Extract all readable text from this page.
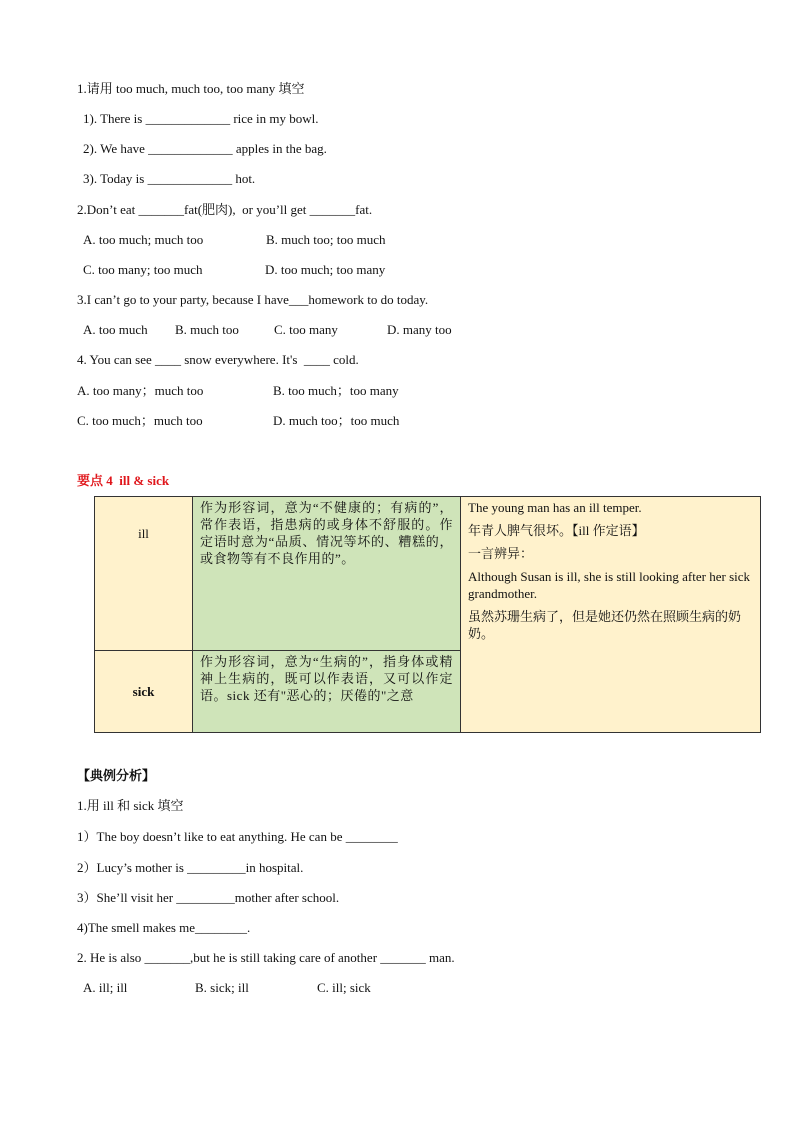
1.请用 too much, much too, too many 填空
1). There is _____________ rice in my bowl.
2). We have _____________ apples in the bag.
3). Today is _____________ hot.
2.Don’t eat _______fat(肥肉),  or you’ll get _______fat.
A. too much; much too	B. much too; too much
C. too many; too much	D. too much; too many
3.I can’t go to your party, because I have___homework to do today.
A. too much B. much too	C. too many	D. many too
4. You can see ____ snow everywhere. It's  ____ cold.
A. too many；much too	B. too much；too many
C. too much；much too	D. much too；too much
要点 4  ill & sick
ill	作为形容词，意为“不健康的；有病的”，常作表语，指患病的或身体不舒服的。作定语时意为“品质、情况等坏的、糟糕的，或食物等有不良作用的”。	The young man has an ill temper.

年青人脾气很坏。【ill 作定语】

一言辨异：

Although Susan is ill, she is still looking after her sick grandmother.

虽然苏珊生病了，但是她还仍然在照顾生病的奶奶。

sick	作为形容词，意为“生病的”，指身体或精神上生病的，既可以作表语，又可以作定语。sick 还有"恶心的；厌倦的"之意	
【典例分析】
1.用 ill 和 sick 填空
1）The boy doesn’t like to eat anything. He can be ________
2）Lucy’s mother is _________in hospital.
3）She’ll visit her _________mother after school.
4)The smell makes me________.
2. He is also _______,but he is still taking care of another _______ man.
A. ill; ill	B. sick; ill	C. ill; sick
